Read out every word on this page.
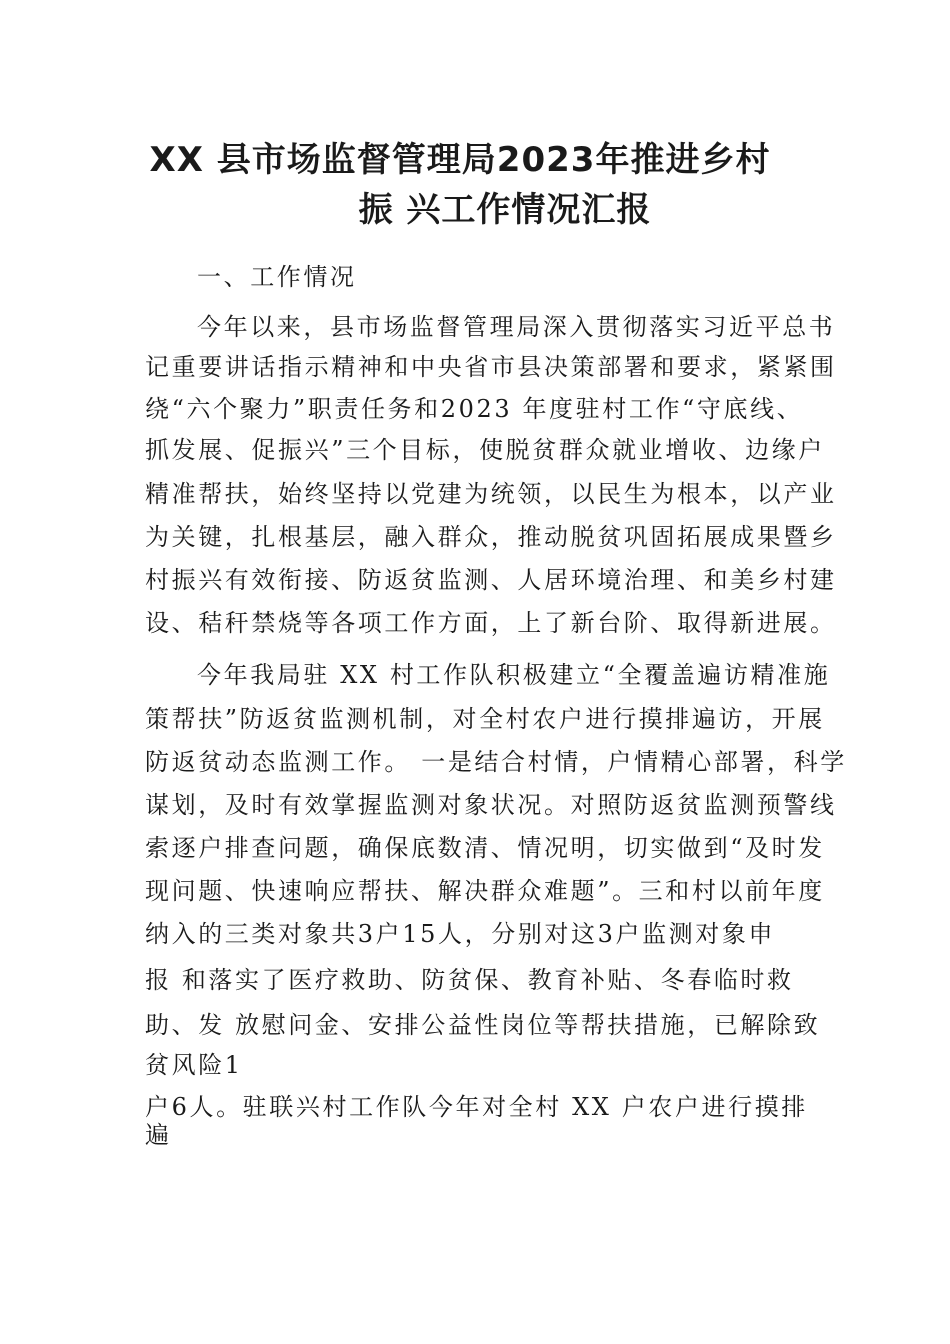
XX 县市场监督管理局2023年推进乡村
振 兴工作情况汇报
一、工作情况
今年以来，县市场监督管理局深入贯彻落实习近平总书
记重要讲话指示精神和中央省市县决策部署和要求，紧紧围
绕“六个聚力”职责任务和2023 年度驻村工作“守底线、
抓发展、促振兴”三个目标，使脱贫群众就业增收、边缘户
精准帮扶，始终坚持以党建为统领，以民生为根本，以产业
为关键，扎根基层，融入群众，推动脱贫巩固拓展成果暨乡
村振兴有效衔接、防返贫监测、人居环境治理、和美乡村建
设、秸秆禁烧等各项工作方面，上了新台阶、取得新进展。
今年我局驻 XX 村工作队积极建立“全覆盖遍访精准施
策帮扶”防返贫监测机制，对全村农户进行摸排遍访，开展
防返贫动态监测工作。 一是结合村情，户情精心部署，科学
谋划，及时有效掌握监测对象状况。对照防返贫监测预警线
索逐户排查问题，确保底数清、情况明，切实做到“及时发
现问题、快速响应帮扶、解决群众难题”。三和村以前年度
纳入的三类对象共3户15人，分别对这3户监测对象申
报 和落实了医疗救助、防贫保、教育补贴、冬春临时救
助、发 放慰问金、安排公益性岗位等帮扶措施，已解除致
贫风险1
户6人。驻联兴村工作队今年对全村 XX 户农户进行摸排
遍
